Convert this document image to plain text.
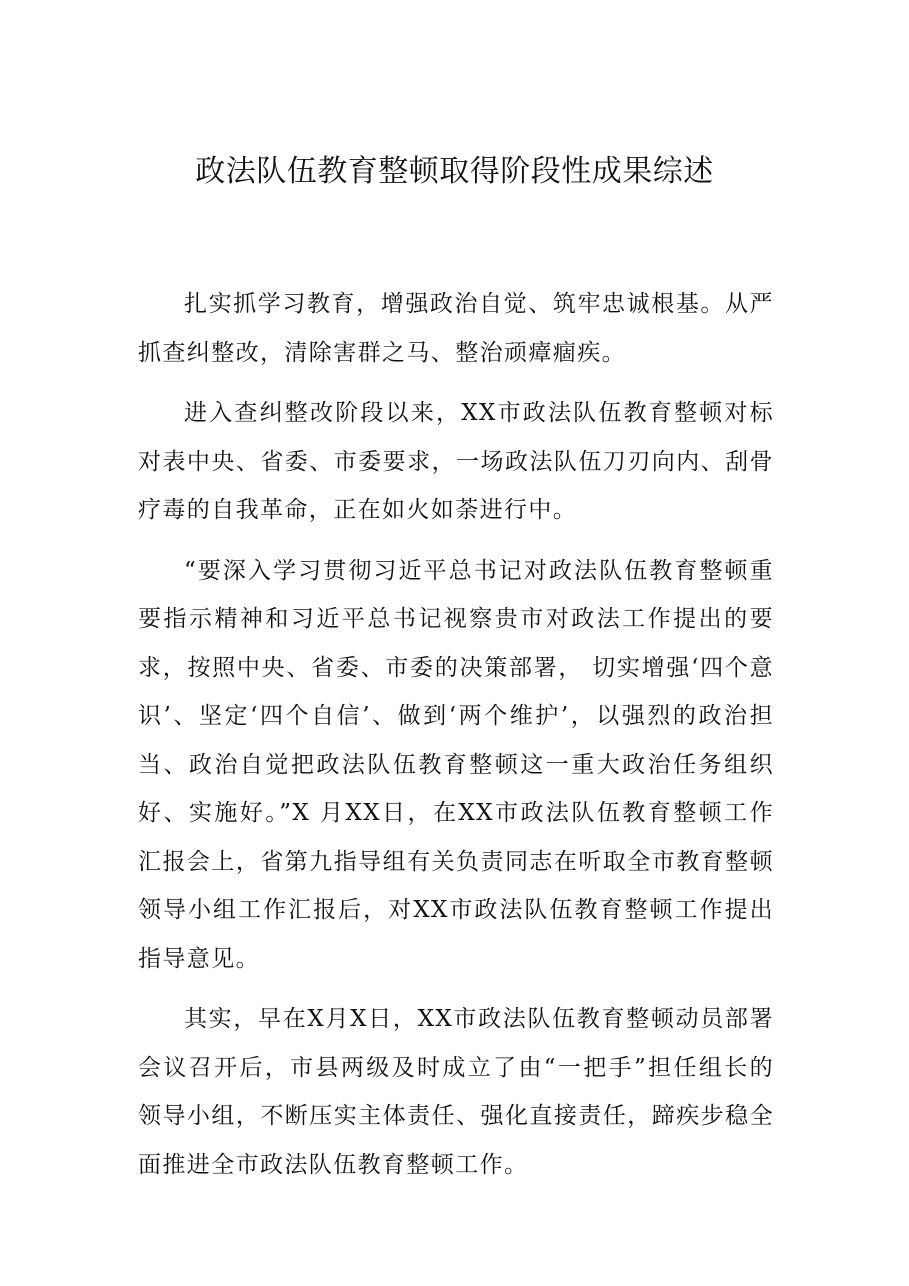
政法队伍教育整顿取得阶段性成果综述

扎实抓学习教育，增强政治自觉、筑牢忠诚根基。从严抓查纠整改，清除害群之马、整治顽瘴痼疾。

进入查纠整改阶段以来，XX市政法队伍教育整顿对标对表中央、省委、市委要求，一场政法队伍刀刃向内、刮骨疗毒的自我革命，正在如火如荼进行中。

“要深入学习贯彻习近平总书记对政法队伍教育整顿重要指示精神和习近平总书记视察贵市对政法工作提出的要求，按照中央、省委、市委的决策部署， 切实增强‘四个意识’、坚定‘四个自信’、做到‘两个维护’，以强烈的政治担当、政治自觉把政法队伍教育整顿这一重大政治任务组织好、实施好。”X 月XX日，在XX市政法队伍教育整顿工作汇报会上，省第九指导组有关负责同志在听取全市教育整顿领导小组工作汇报后，对XX市政法队伍教育整顿工作提出指导意见。

其实，早在X月X日，XX市政法队伍教育整顿动员部署会议召开后，市县两级及时成立了由“一把手”担任组长的领导小组，不断压实主体责任、强化直接责任，蹄疾步稳全面推进全市政法队伍教育整顿工作。
